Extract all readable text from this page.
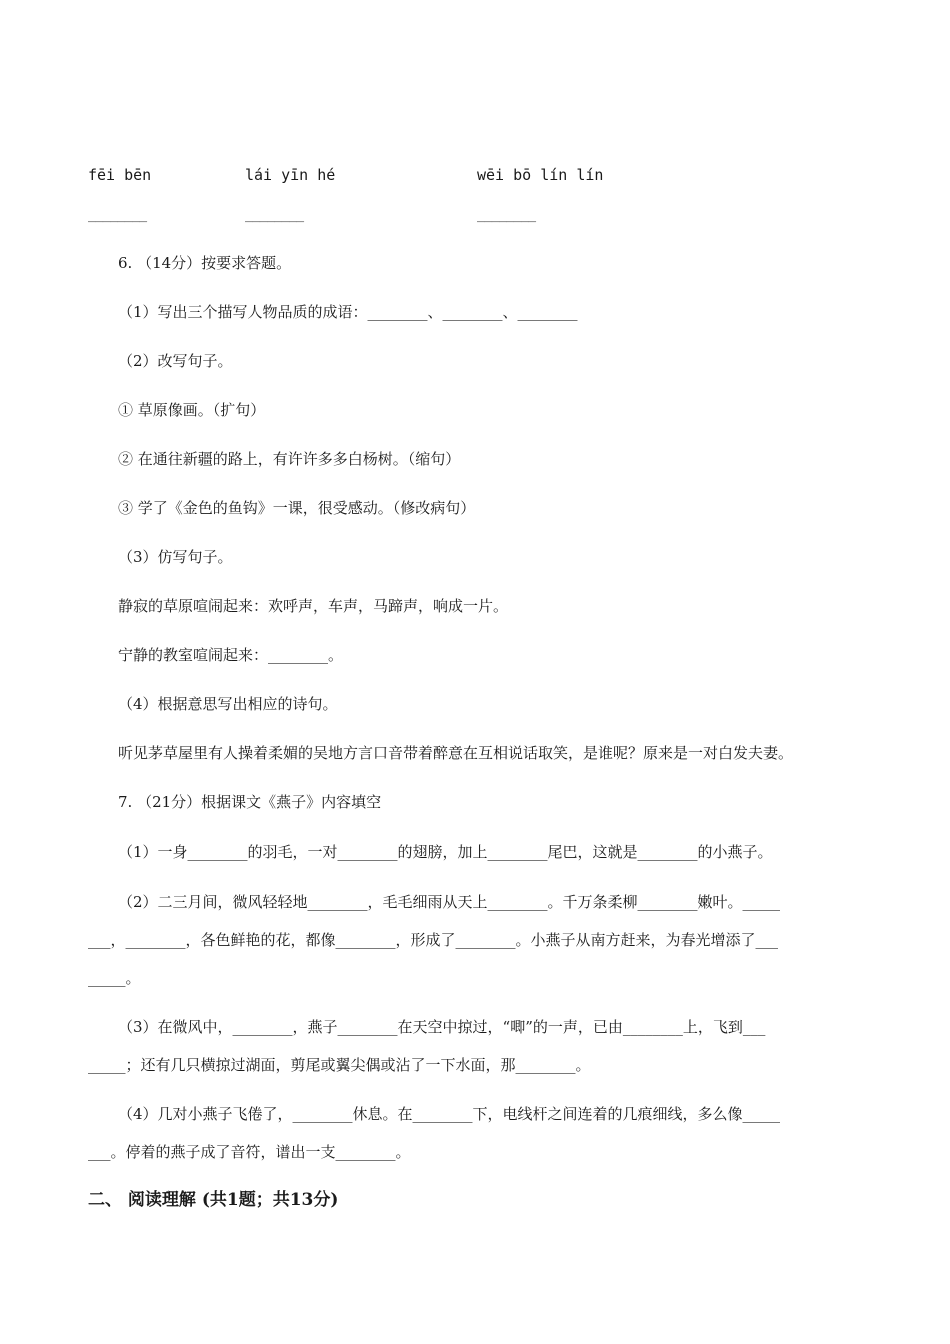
fēi bēn	lái yīn hé	wēi bō lín lín
________	________	________
6. （14分）按要求答题。
（1）写出三个描写人物品质的成语：________、________、________
（2）改写句子。
① 草原像画。（扩句）
② 在通往新疆的路上，有许许多多白杨树。（缩句）
③ 学了《金色的鱼钩》一课，很受感动。（修改病句）
（3）仿写句子。
静寂的草原喧闹起来：欢呼声，车声，马蹄声，响成一片。
宁静的教室喧闹起来：________。
（4）根据意思写出相应的诗句。
听见茅草屋里有人操着柔媚的吴地方言口音带着醉意在互相说话取笑，是谁呢？原来是一对白发夫妻。
7. （21分）根据课文《燕子》内容填空
（1）一身________的羽毛，一对________的翅膀，加上________尾巴，这就是________的小燕子。
（2）二三月间，微风轻轻地________，毛毛细雨从天上________。千万条柔柳________嫩叶。_____
___，________，各色鲜艳的花，都像________，形成了________。小燕子从南方赶来，为春光增添了___
_____。
（3）在微风中，________，燕子________在天空中掠过，“唧”的一声，已由________上，飞到___
_____；还有几只横掠过湖面，剪尾或翼尖偶或沾了一下水面，那________。
（4）几对小燕子飞倦了，________休息。在________下，电线杆之间连着的几痕细线，多么像_____
___。停着的燕子成了音符，谱出一支________。
二、 阅读理解 (共1题；共13分)
